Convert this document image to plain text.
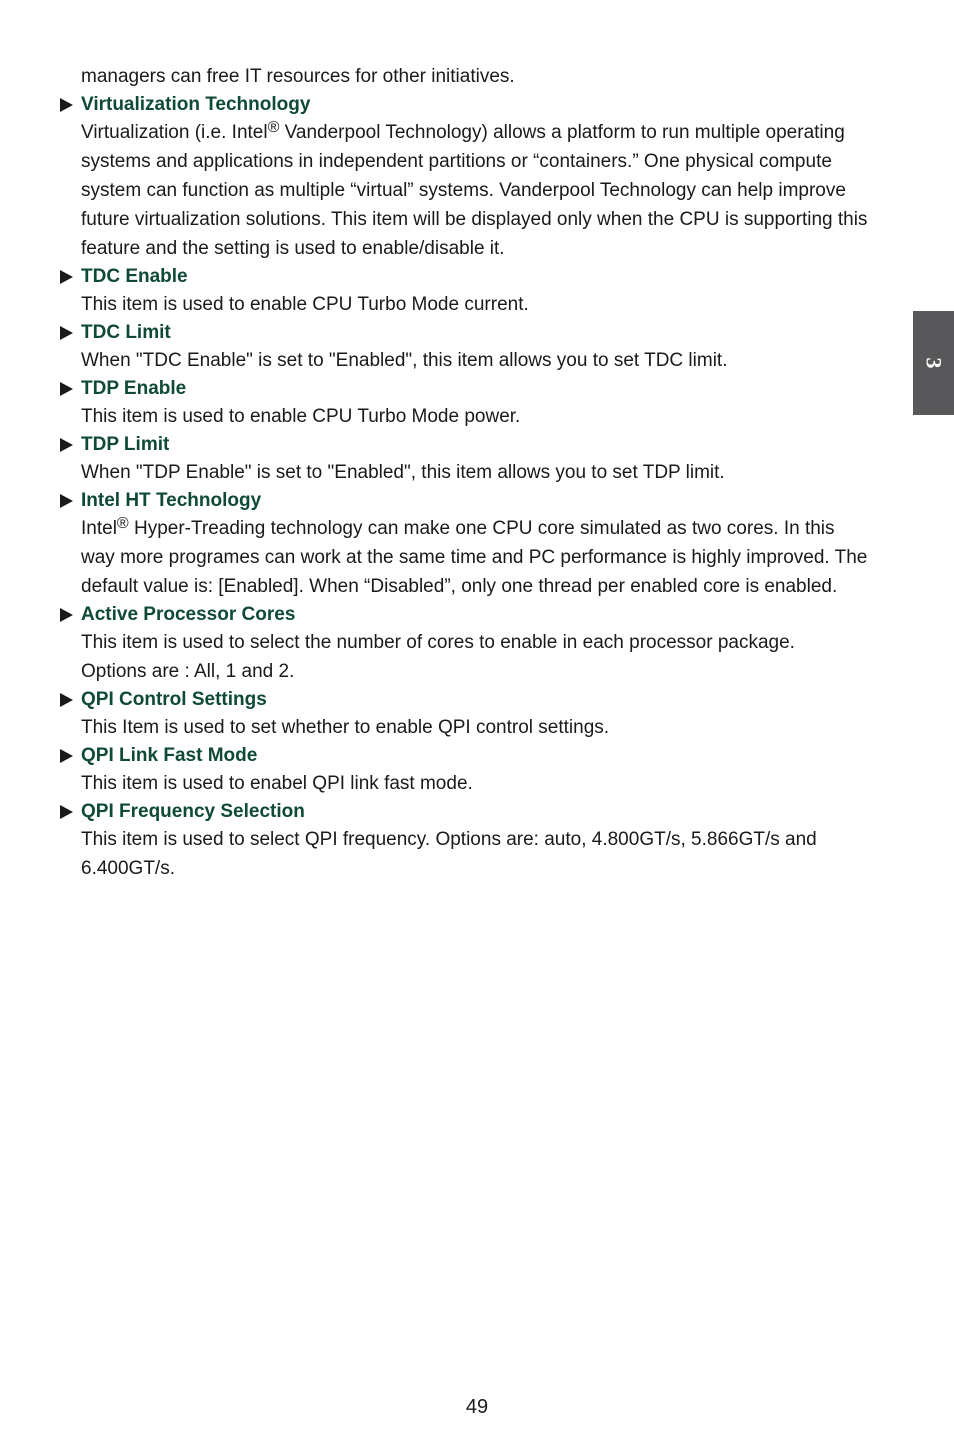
managers can free IT resources for other initiatives.

Virtualization Technology

Virtualization (i.e. Intel® Vanderpool Technology) allows a platform to run multiple operating

systems and applications in independent partitions or “containers.” One physical compute

system can function as multiple “virtual” systems. Vanderpool Technology can help improve

future virtualization solutions. This item will be displayed only when the CPU is supporting this

feature and the setting is used to enable/disable it.

TDC Enable

This item is used to enable CPU Turbo Mode current.

TDC Limit

When "TDC Enable" is set to "Enabled", this item allows you to set TDC limit.

TDP Enable

This item is used to enable CPU Turbo Mode power.

TDP Limit

When "TDP Enable" is set to "Enabled", this item allows you to set TDP limit.

Intel HT Technology

Intel® Hyper-Treading technology can make one CPU core simulated as two cores. In this

way more programes can work at the same time and PC performance is highly improved. The

default value is: [Enabled]. When “Disabled”, only one thread per enabled core is enabled.

Active Processor Cores

This item is used to select the number of cores to enable in each processor package.

Options are : All, 1 and 2.

QPI Control Settings

This Item is used to set whether to enable QPI control settings.

QPI Link Fast Mode

This item is used to enabel QPI link fast mode.

QPI Frequency Selection

This item is used to select QPI frequency. Options are: auto, 4.800GT/s, 5.866GT/s and

6.400GT/s.

3
49
